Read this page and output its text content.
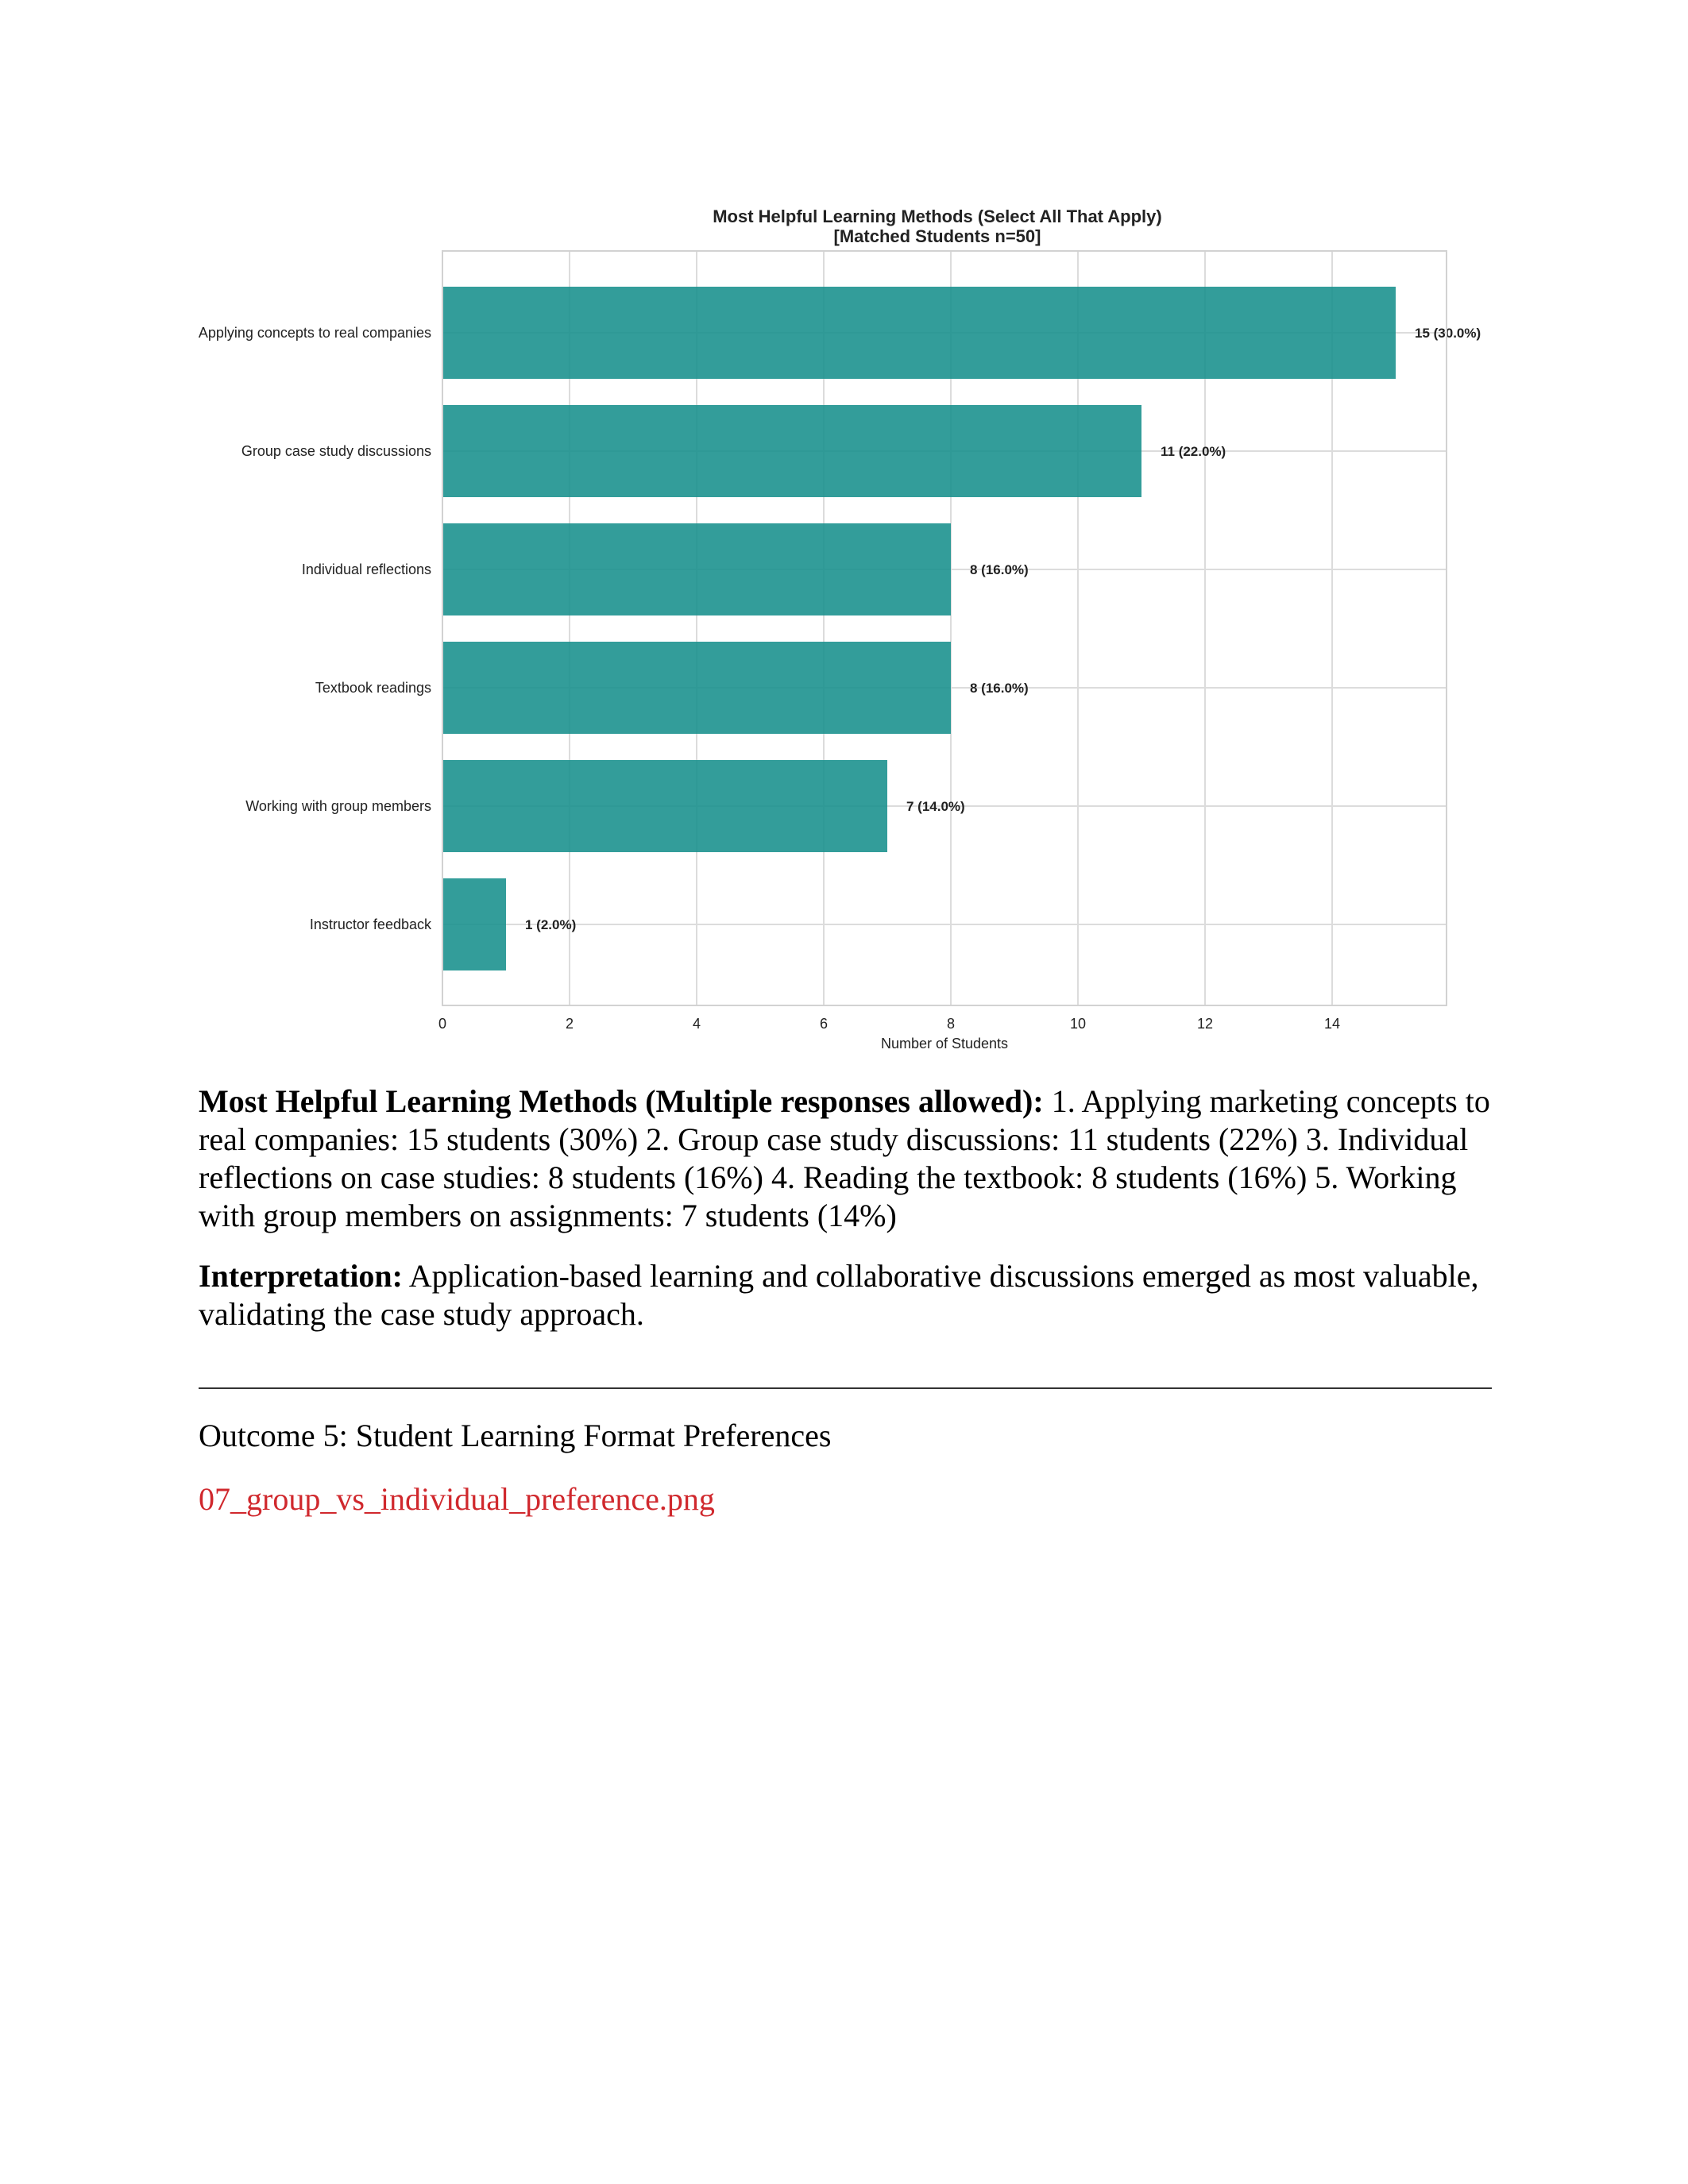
Most Helpful Learning Methods (Select All That Apply)
[Matched Students n=50]
Applying concepts to real companies
Group case study discussions
Individual reflections
Textbook readings
Working with group members
Instructor feedback
15 (30.0%)
11 (22.0%)
8 (16.0%)
8 (16.0%)
7 (14.0%)
1 (2.0%)
0	2	4	6	8	10	12	14
Number of Students

Most Helpful Learning Methods (Multiple responses allowed): 1. Applying marketing concepts to real companies: 15 students (30%) 2. Group case study discussions: 11 students (22%) 3. Individual reflections on case studies: 8 students (16%) 4. Reading the textbook: 8 students (16%) 5. Working with group members on assignments: 7 students (14%)

Interpretation: Application-based learning and collaborative discussions emerged as most valuable, validating the case study approach.

Outcome 5: Student Learning Format Preferences

07_group_vs_individual_preference.png
